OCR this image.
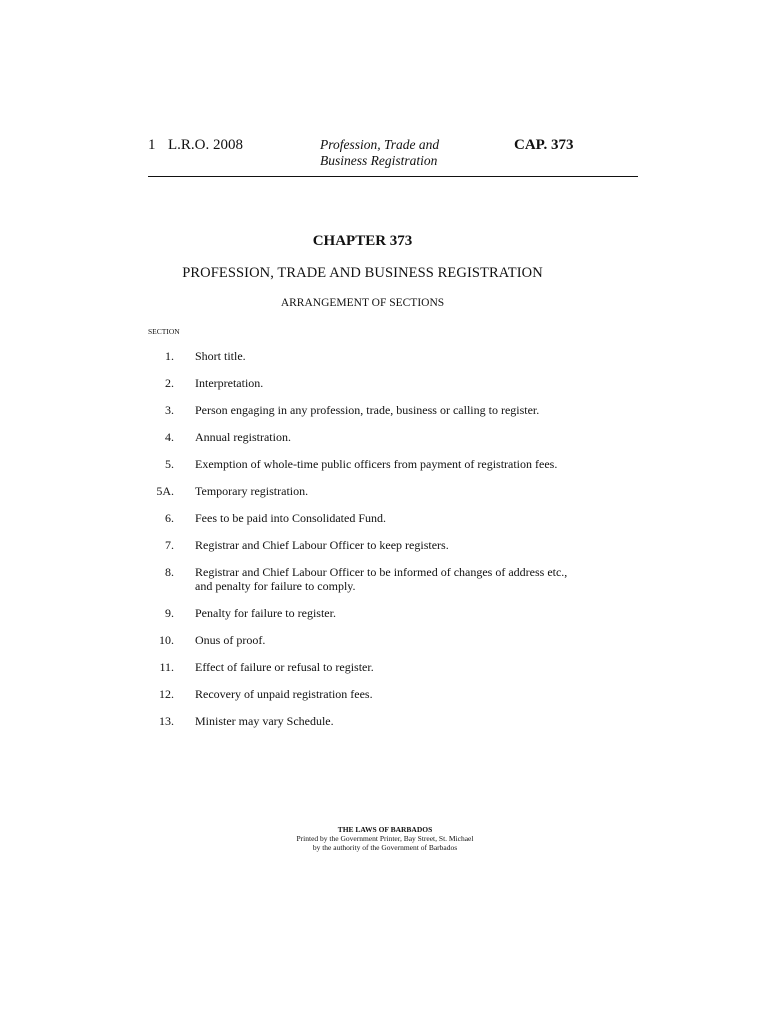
1 L.R.O. 2008	Profession, Trade and
Business Registration
CAP. 373
CHAPTER 373
PROFESSION, TRADE AND BUSINESS REGISTRATION
ARRANGEMENT OF SECTIONS
SECTION
1. Short title.
2. Interpretation.
3. Person engaging in any profession, trade, business or calling to register.
4. Annual registration.
5. Exemption of whole-time public officers from payment of registration fees.
5A. Temporary registration.
6. Fees to be paid into Consolidated Fund.
7. Registrar and Chief Labour Officer to keep registers.
8. Registrar and Chief Labour Officer to be informed of changes of address etc., and penalty for failure to comply.
9. Penalty for failure to register.
10. Onus of proof.
11. Effect of failure or refusal to register.
12. Recovery of unpaid registration fees.
13. Minister may vary Schedule.
THE LAWS OF BARBADOS
Printed by the Government Printer, Bay Street, St. Michael
by the authority of the Government of Barbados
